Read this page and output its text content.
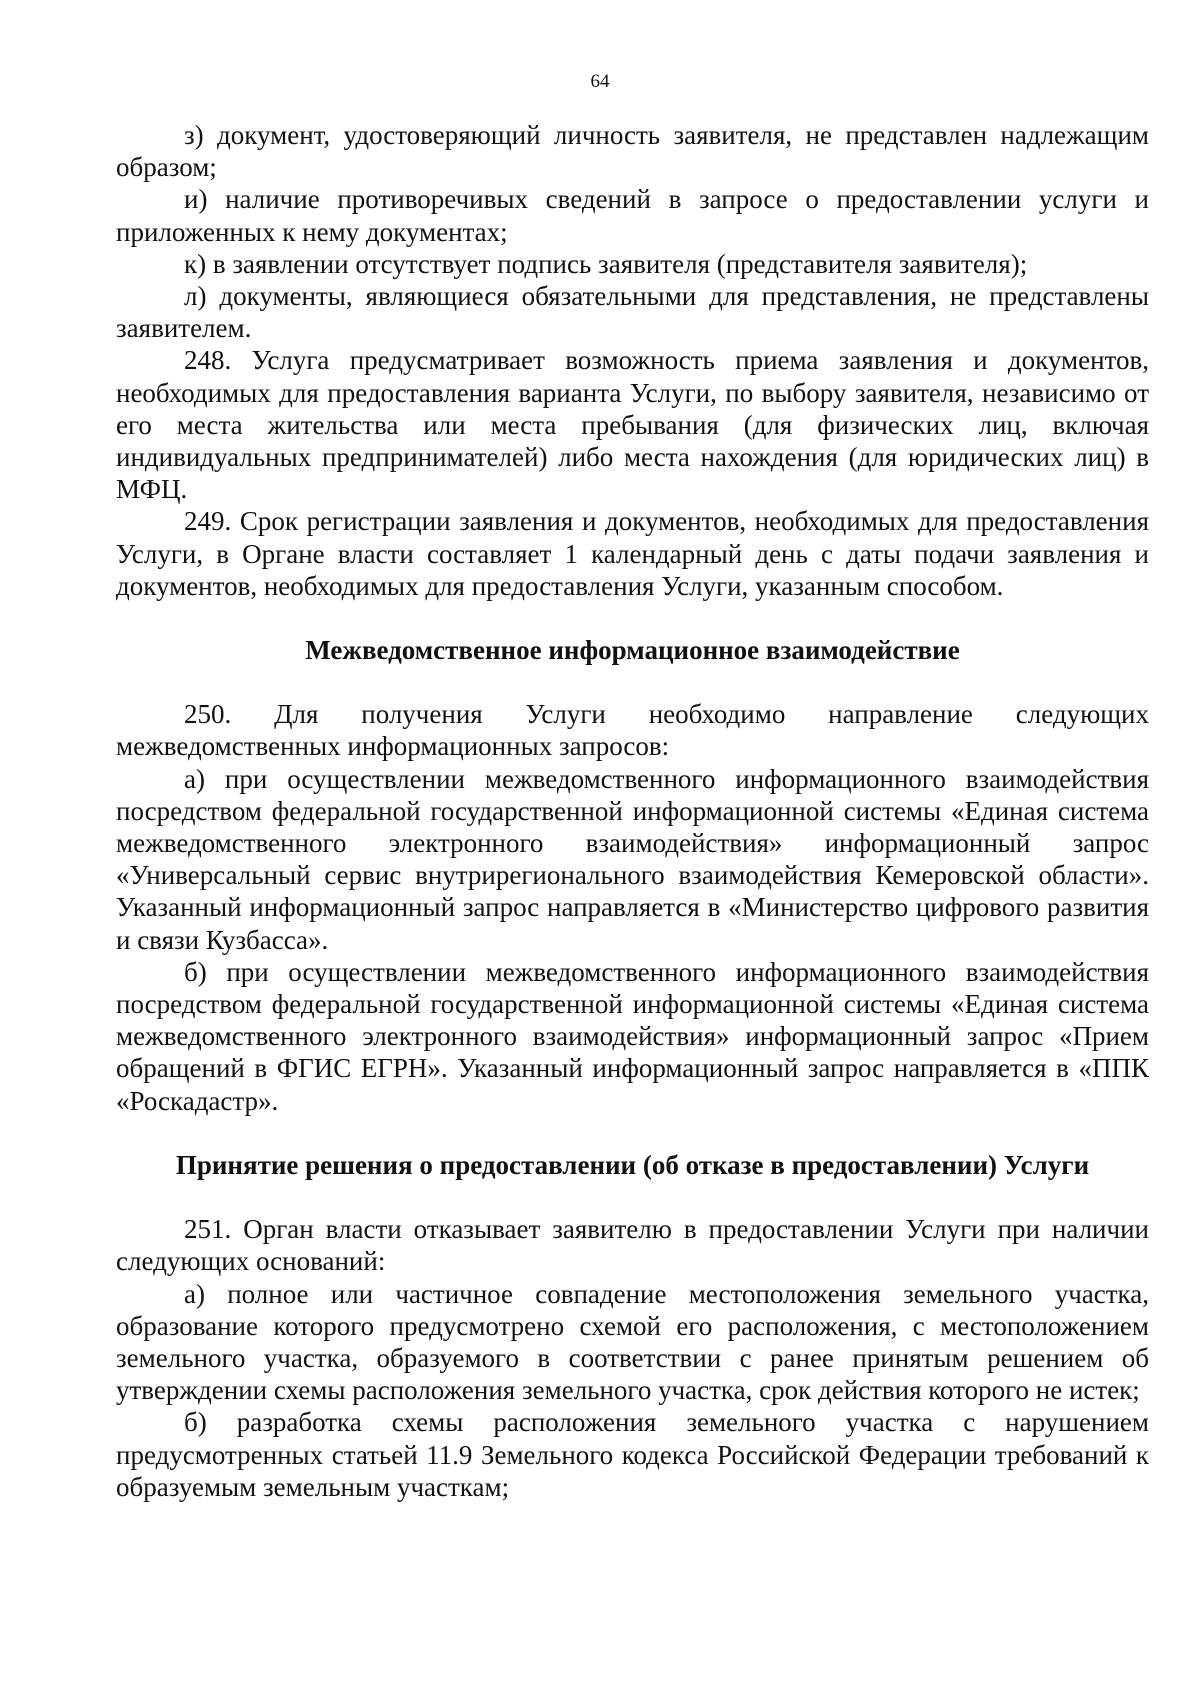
64

з) документ, удостоверяющий личность заявителя, не представлен надлежащим образом;

и) наличие противоречивых сведений в запросе о предоставлении услуги и приложенных к нему документах;

к) в заявлении отсутствует подпись заявителя (представителя заявителя);

л) документы, являющиеся обязательными для представления, не представлены заявителем.

248. Услуга предусматривает возможность приема заявления и документов, необходимых для предоставления варианта Услуги, по выбору заявителя, независимо от его места жительства или места пребывания (для физических лиц, включая индивидуальных предпринимателей) либо места нахождения (для юридических лиц) в МФЦ.

249. Срок регистрации заявления и документов, необходимых для предоставления Услуги, в Органе власти составляет 1 календарный день с даты подачи заявления и документов, необходимых для предоставления Услуги, указанным способом.

Межведомственное информационное взаимодействие

250. Для получения Услуги необходимо направление следующих межведомственных информационных запросов:

а) при осуществлении межведомственного информационного взаимодействия посредством федеральной государственной информационной системы «Единая система межведомственного электронного взаимодействия» информационный запрос «Универсальный сервис внутрирегионального взаимодействия Кемеровской области». Указанный информационный запрос направляется в «Министерство цифрового развития и связи Кузбасса».

б) при осуществлении межведомственного информационного взаимодействия посредством федеральной государственной информационной системы «Единая система межведомственного электронного взаимодействия» информационный запрос «Прием обращений в ФГИС ЕГРН». Указанный информационный запрос направляется в «ППК «Роскадастр».

Принятие решения о предоставлении (об отказе в предоставлении) Услуги

251. Орган власти отказывает заявителю в предоставлении Услуги при наличии следующих оснований:

а) полное или частичное совпадение местоположения земельного участка, образование которого предусмотрено схемой его расположения, с местоположением земельного участка, образуемого в соответствии с ранее принятым решением об утверждении схемы расположения земельного участка, срок действия которого не истек;

б) разработка схемы расположения земельного участка с нарушением предусмотренных статьей 11.9 Земельного кодекса Российской Федерации требований к образуемым земельным участкам;
